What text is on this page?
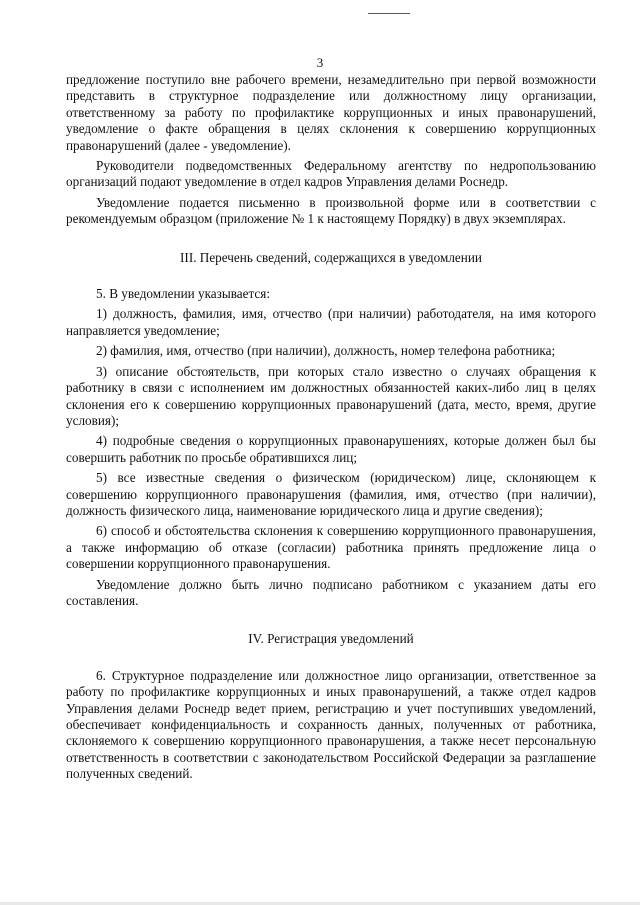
3

предложение поступило вне рабочего времени, незамедлительно при первой возможности представить в структурное подразделение или должностному лицу организации, ответственному за работу по профилактике коррупционных и иных правонарушений, уведомление о факте обращения в целях склонения к совершению коррупционных правонарушений (далее - уведомление).

Руководители подведомственных Федеральному агентству по недропользованию организаций подают уведомление в отдел кадров Управления делами Роснедр.

Уведомление подается письменно в произвольной форме или в соответствии с рекомендуемым образцом (приложение № 1 к настоящему Порядку) в двух экземплярах.

III. Перечень сведений, содержащихся в уведомлении

5. В уведомлении указывается:

1) должность, фамилия, имя, отчество (при наличии) работодателя, на имя которого направляется уведомление;

2) фамилия, имя, отчество (при наличии), должность, номер телефона работника;

3) описание обстоятельств, при которых стало известно о случаях обращения к работнику в связи с исполнением им должностных обязанностей каких-либо лиц в целях склонения его к совершению коррупционных правонарушений (дата, место, время, другие условия);

4) подробные сведения о коррупционных правонарушениях, которые должен был бы совершить работник по просьбе обратившихся лиц;

5) все известные сведения о физическом (юридическом) лице, склоняющем к совершению коррупционного правонарушения (фамилия, имя, отчество (при наличии), должность физического лица, наименование юридического лица и другие сведения);

6) способ и обстоятельства склонения к совершению коррупционного правонарушения, а также информацию об отказе (согласии) работника принять предложение лица о совершении коррупционного правонарушения.

Уведомление должно быть лично подписано работником с указанием даты его составления.

IV. Регистрация уведомлений

6. Структурное подразделение или должностное лицо организации, ответственное за работу по профилактике коррупционных и иных правонарушений, а также отдел кадров Управления делами Роснедр ведет прием, регистрацию и учет поступивших уведомлений, обеспечивает конфиденциальность и сохранность данных, полученных от работника, склоняемого к совершению коррупционного правонарушения, а также несет персональную ответственность в соответствии с законодательством Российской Федерации за разглашение полученных сведений.
